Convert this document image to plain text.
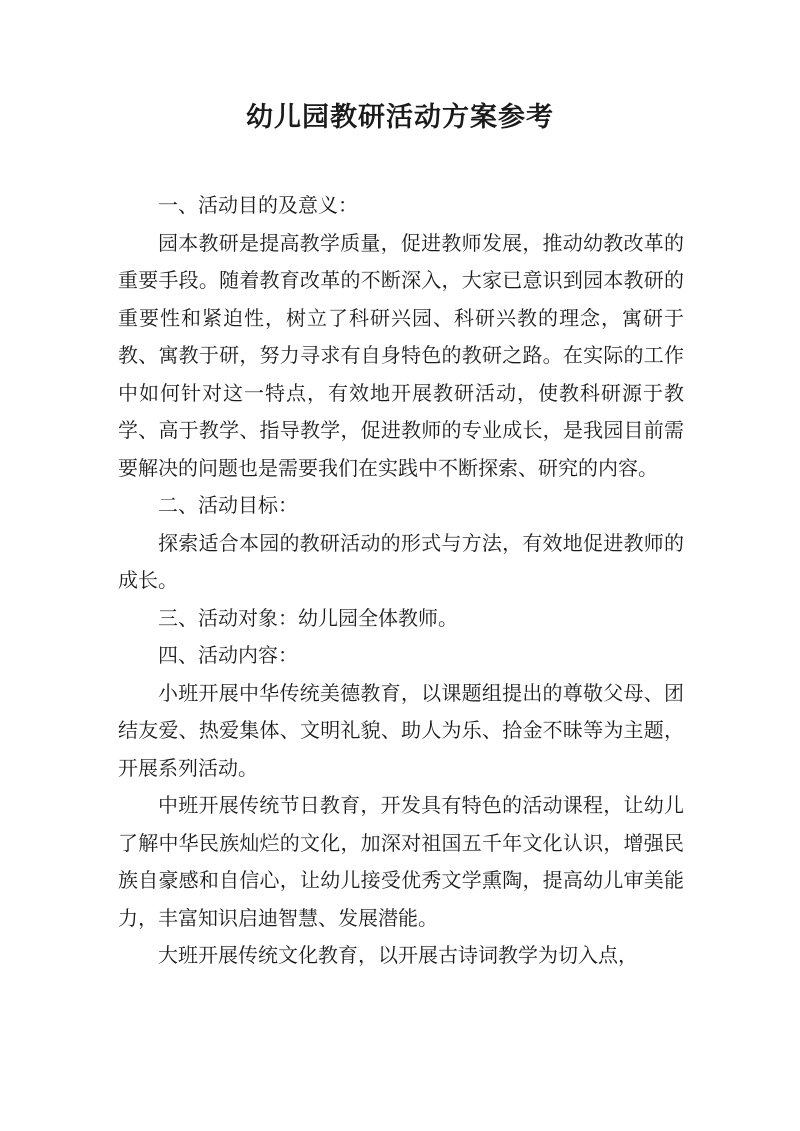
幼儿园教研活动方案参考

一、活动目的及意义：

园本教研是提高教学质量，促进教师发展，推动幼教改革的重要手段。随着教育改革的不断深入，大家已意识到园本教研的重要性和紧迫性，树立了科研兴园、科研兴教的理念，寓研于教、寓教于研，努力寻求有自身特色的教研之路。在实际的工作中如何针对这一特点，有效地开展教研活动，使教科研源于教学、高于教学、指导教学，促进教师的专业成长，是我园目前需要解决的问题也是需要我们在实践中不断探索、研究的内容。

二、活动目标：

探索适合本园的教研活动的形式与方法，有效地促进教师的成长。

三、活动对象：幼儿园全体教师。

四、活动内容：

小班开展中华传统美德教育，以课题组提出的尊敬父母、团结友爱、热爱集体、文明礼貌、助人为乐、拾金不昧等为主题，开展系列活动。

中班开展传统节日教育，开发具有特色的活动课程，让幼儿了解中华民族灿烂的文化，加深对祖国五千年文化认识，增强民族自豪感和自信心，让幼儿接受优秀文学熏陶，提高幼儿审美能力，丰富知识启迪智慧、发展潜能。

大班开展传统文化教育，以开展古诗词教学为切入点，
